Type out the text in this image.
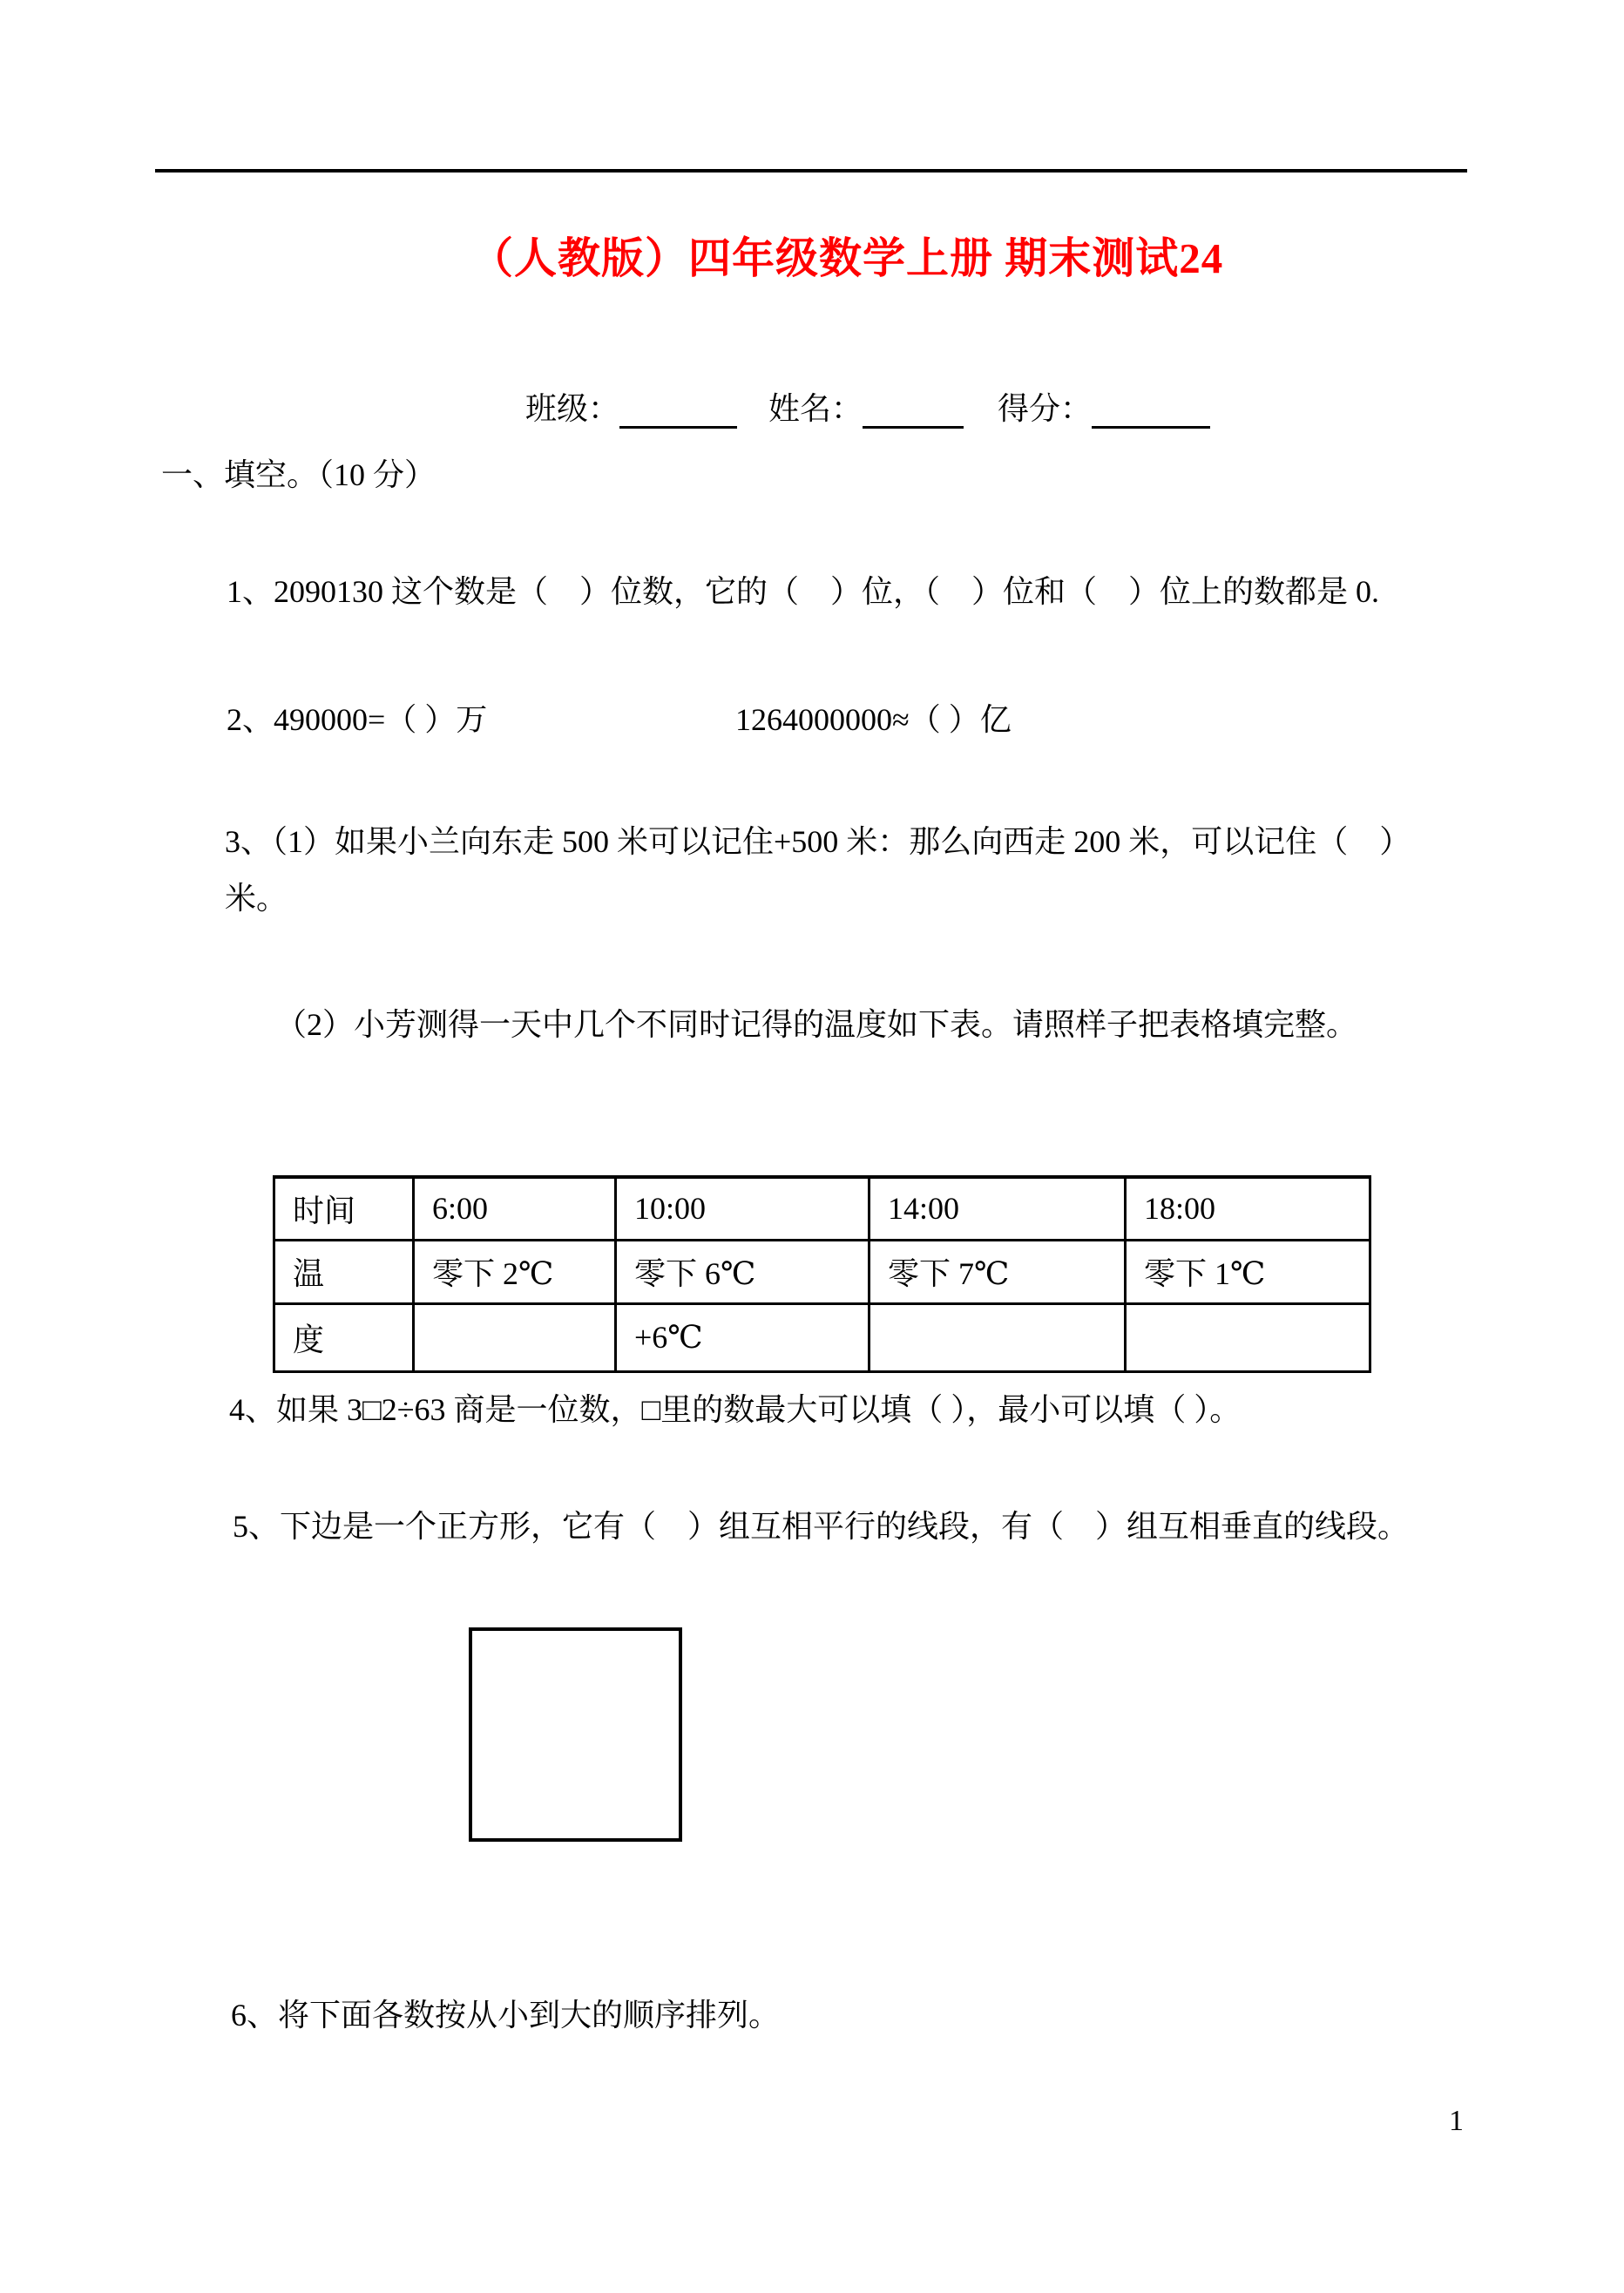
（人教版）四年级数学上册 期末测试24
班级：	姓名：	得分：
一、填空。（10 分）
1、2090130 这个数是（　）位数，它的（　）位，（　）位和（　）位上的数都是 0.
2、490000=（ ）万	1264000000≈（ ）亿
3、（1）如果小兰向东走 500 米可以记住+500 米：那么向西走 200 米，可以记住（　）
米。
（2）小芳测得一天中几个不同时记得的温度如下表。请照样子把表格填完整。
时间	6:00	10:00	14:00	18:00
温	零下 2℃	零下 6℃	零下 7℃	零下 1℃
度		+6℃		
4、如果 3□2÷63 商是一位数，□里的数最大可以填（ ），最小可以填（ ）。
5、下边是一个正方形，它有（　）组互相平行的线段，有（　）组互相垂直的线段。
6、将下面各数按从小到大的顺序排列。
1
